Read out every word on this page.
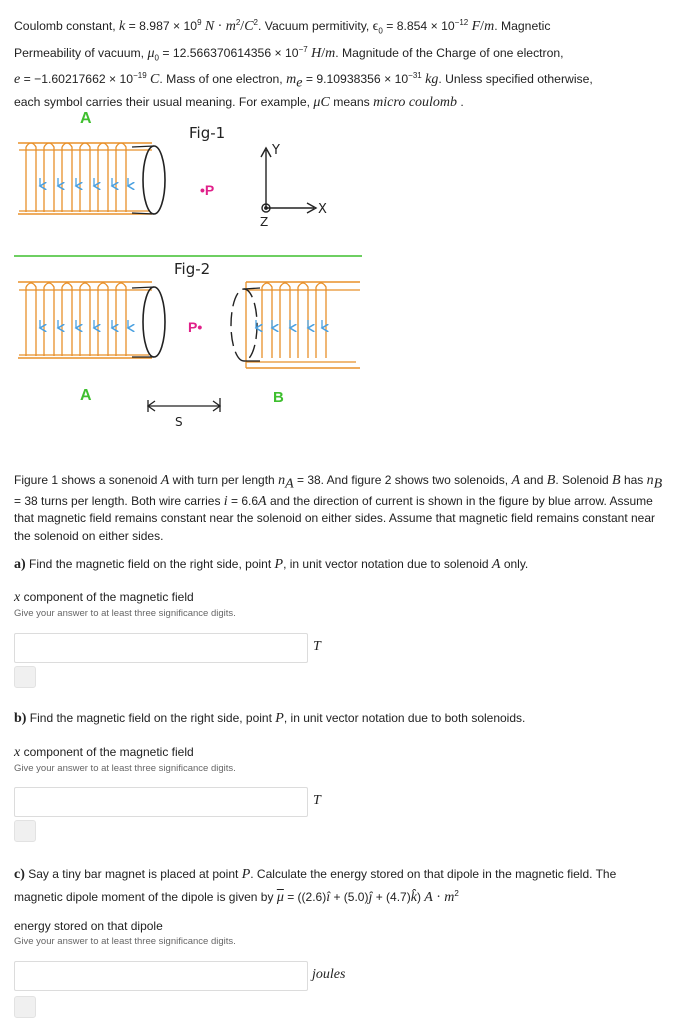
Coulomb constant, $k = 8.987 \times 10^9$ $N \cdot m^2/C^2$. Vacuum permitivity, $\epsilon_0 = 8.854 \times 10^{-12}$ F/m. Magnetic
Permeability of vacuum, $\mu_0 = 12.566370614356 \times 10^{-7}$ H/m. Magnitude of the Charge of one electron,
$e = -1.60217662 \times 10^{-19}$ C. Mass of one electron, $m_e = 9.10938356 \times 10^{-31}$ kg. Unless specified otherwise,
each symbol carries their usual meaning. For example, μC means micro coulomb .
A
Fig-1
•P
Y
X
Z
Fig-2
P•
A	B
S
Figure 1 shows a sonenoid A with turn per length $n_A = 38$. And figure 2 shows two solenoids, A and B. Solenoid B has $n_B = 38$ turns per length. Both wire carries i = 6.6A and the direction of current is shown in the figure by blue arrow. Assume that magnetic field remains constant near the solenoid on either sides. Assume that magnetic field remains constant near the solenoid on either sides.
a) Find the magnetic field on the right side, point P, in unit vector notation due to solenoid A only.
x component of the magnetic field
Give your answer to at least three significance digits.
T
b) Find the magnetic field on the right side, point P, in unit vector notation due to both solenoids.
x component of the magnetic field
Give your answer to at least three significance digits.
T
c) Say a tiny bar magnet is placed at point P. Calculate the energy stored on that dipole in the magnetic field. The
magnetic dipole moment of the dipole is given by $\overline{\mu}$ = ((2.6)î + (5.0)ĵ + (4.7)k̂) $A \cdot m^2$
energy stored on that dipole
Give your answer to at least three significance digits.
joules
